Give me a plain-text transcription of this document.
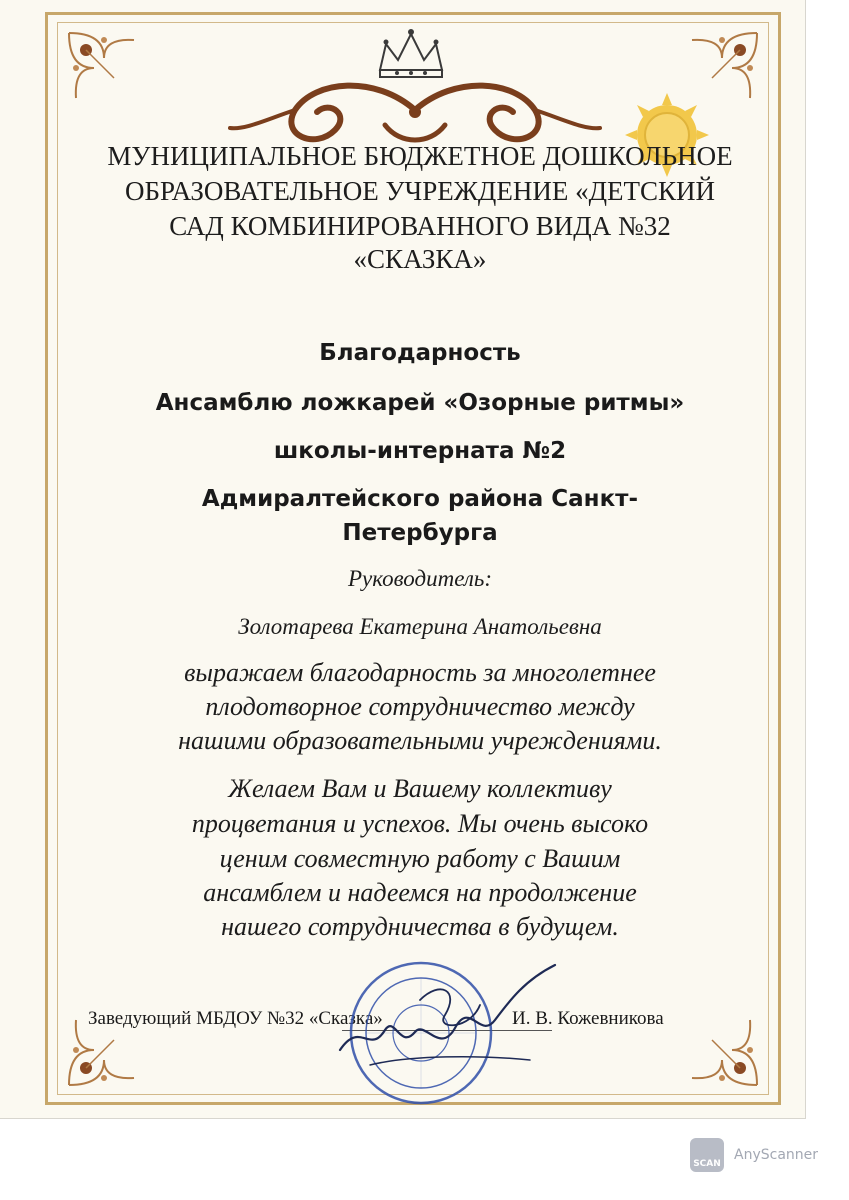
МУНИЦИПАЛЬНОЕ БЮДЖЕТНОЕ ДОШКОЛЬНОЕ
ОБРАЗОВАТЕЛЬНОЕ УЧРЕЖДЕНИЕ «ДЕТСКИЙ
САД КОМБИНИРОВАННОГО ВИДА №32
«СКАЗКА»
Благодарность
Ансамблю ложкарей «Озорные ритмы»
школы-интерната №2
Адмиралтейского района Санкт-
Петербурга
Руководитель:
Золотарева Екатерина Анатольевна
выражаем благодарность за многолетнее
плодотворное сотрудничество между
нашими образовательными учреждениями.
Желаем Вам и Вашему коллективу
процветания и успехов. Мы очень высоко
ценим совместную работу с Вашим
ансамблем и надеемся на продолжение
нашего сотрудничества в будущем.
Заведующий МБДОУ №32 «Сказка»	И. В. Кожевникова
SCAN
AnyScanner
